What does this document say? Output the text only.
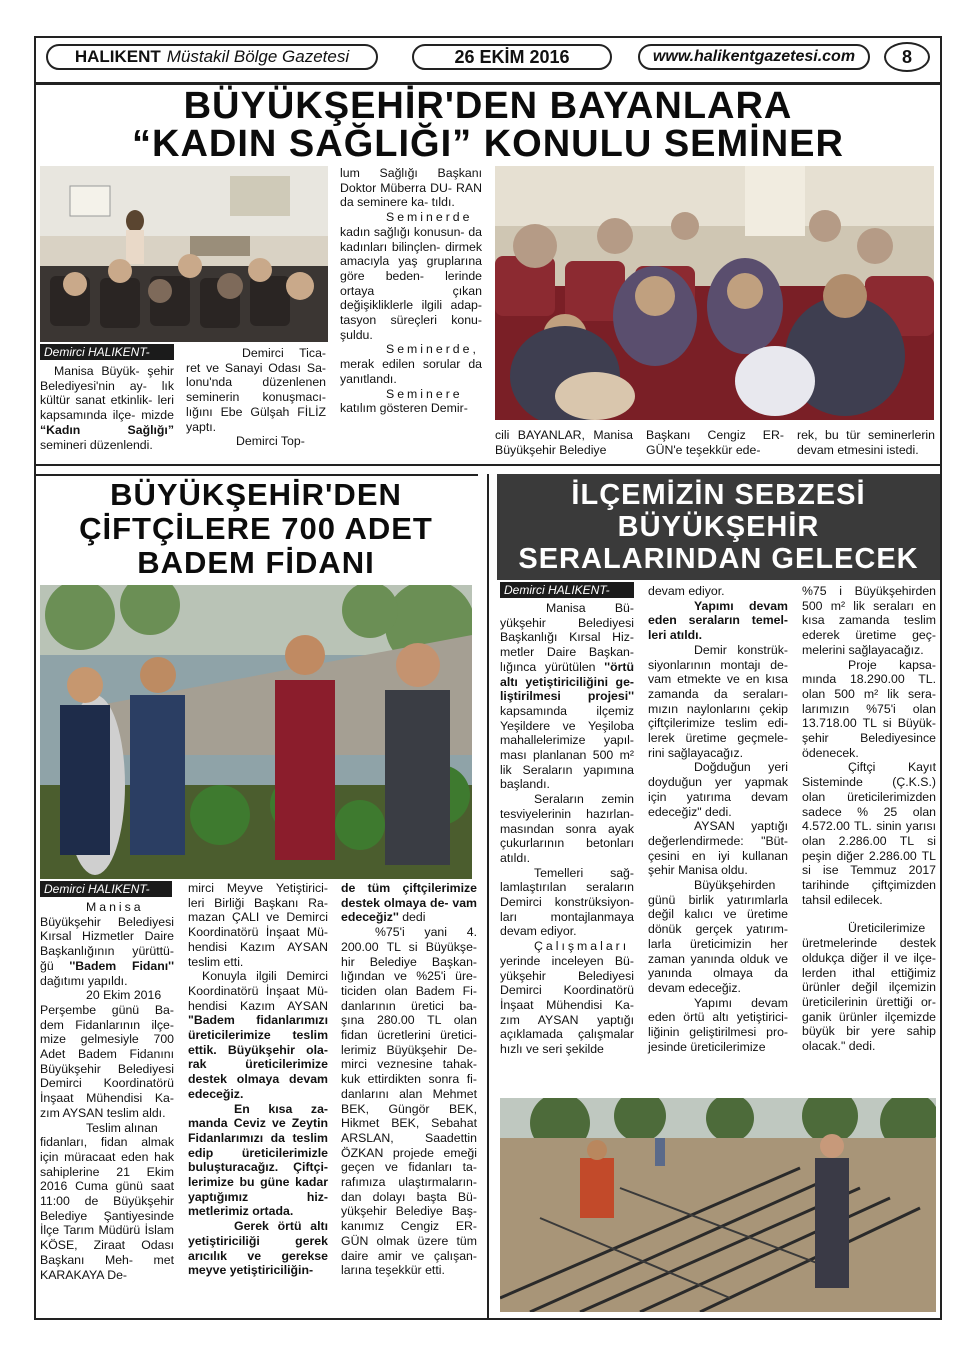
HALIKENT Müstakil Bölge Gazetesi	26 EKİM 2016	www.halikentgazetesi.com	8
BÜYÜKŞEHİR'DEN BAYANLARA
“KADIN SAĞLIĞI” KONULU SEMİNER
Demirci HALIKENT-

Manisa Büyük- şehir Belediyesi'nin ay- lık kültür sanat etkinlik- leri kapsamında ilçe- mizde “Kadın Sağlığı” semineri düzenlendi.

Demirci Tica- ret ve Sanayi Odası Sa- lonu'nda düzenlenen seminerin konuşmacı- lığını Ebe Gülşah FİLİZ yaptı.

Demirci Top-

lum Sağlığı Başkanı Doktor Müberra DU- RAN da seminere ka- tıldı.

Seminerde

kadın sağlığı konusun- da kadınları bilinçlen- dirmek amacıyla yaş gruplarına göre beden- lerinde ortaya çıkan değişikliklerle ilgili adap- tasyon süreçleri konu- şuldu.

Seminerde,

merak edilen sorular da yanıtlandı.

Seminere

katılım gösteren Demir-

cili BAYANLAR, Manisa Büyükşehir Belediye

Başkanı Cengiz ER- GÜN'e teşekkür ede-

rek, bu tür seminerlerin devam etmesini istedi.

BÜYÜKŞEHİR'DEN
ÇİFTÇİLERE 700 ADET
BADEM FİDANI
Demirci HALIKENT-

Manisa

Büyükşehir Belediyesi Kırsal Hizmetler Daire Başkanlığının yürüttü- ğü ''Badem Fidanı'' dağıtımı yapıldı.

20 Ekim 2016

Perşembe günü Ba- dem Fidanlarının ilçe- mize gelmesiyle 700 Adet Badem Fidanını Büyükşehir Belediyesi Demirci Koordinatörü İnşaat Mühendisi Ka- zım AYSAN teslim aldı.

Teslim alınan

fidanları, fidan almak için müracaat eden hak sahiplerine 21 Ekim 2016 Cuma günü saat 11:00 de Büyükşehir Belediye Şantiyesinde İlçe Tarım Müdürü İslam KÖSE, Ziraat Odası Başkanı Meh- met KARAKAYA De-

mirci Meyve Yetiştirici- leri Birliği Başkanı Ra- mazan ÇALI ve Demirci Koordinatörü İnşaat Mü- hendisi Kazım AYSAN teslim etti.

Konuyla ilgili Demirci Koordinatörü İnşaat Mü- hendisi Kazım AYSAN "Badem fidanlarımızı üreticilerimize teslim ettik. Büyükşehir ola- rak üreticilerimize destek olmaya devam edeceğiz.

En kısa za- manda Ceviz ve Zeytin Fidanlarımızı da teslim edip üreticilerimizle buluşturacağız. Çiftçi- lerimize bu güne kadar yaptığımız hiz- metlerimiz ortada.

Gerek örtü altı yetiştiriciliği gerek arıcılık ve gerekse meyve yetiştiriciliğin-

de tüm çiftçilerimize destek olmaya de- vam edeceğiz'' dedi

%75'i yani 4. 200.00 TL si Büyükşe- hir Belediye Başkan- lığından ve %25'i üre- ticiden olan Badem Fi- danlarının üretici ba- şına 280.00 TL olan fidan ücretlerini üretici- lerimiz Büyükşehir De- mirci veznesine tahak- kuk ettirdikten sonra fi- danlarını alan Mehmet BEK, Güngör BEK, Hikmet BEK, Sebahat ARSLAN, Saadettin ÖZKAN projede emeği geçen ve fidanları ta- rafımıza ulaştırmaların- dan dolayı başta Bü- yükşehir Belediye Baş- kanımız Cengiz ER- GÜN olmak üzere tüm daire amir ve çalışan- larına teşekkür etti.

İLÇEMİZİN SEBZESİ
BÜYÜKŞEHİR
SERALARINDAN GELECEK
Demirci HALIKENT-

Manisa Bü- yükşehir Belediyesi Başkanlığı Kırsal Hiz- metler Daire Başkan- lığınca yürütülen ''örtü altı yetiştiriciliğini ge- liştirilmesi projesi'' kapsamında ilçemiz Yeşildere ve Yeşiloba mahallelerimize yapıl- ması planlanan 500 m² lik Seraların yapımına başlandı.

Seraların zemin tesviyelerinin hazırlan- masından sonra ayak çukurlarının betonları atıldı.

Temelleri sağ- lamlaştırılan seraların Demirci konstrüksiyon- ları montajlanmaya devam ediyor.

Çalışmaları

yerinde inceleyen Bü- yükşehir Belediyesi Demirci Koordinatörü İnşaat Mühendisi Ka- zım AYSAN yaptığı açıklamada çalışmalar hızlı ve seri şekilde

devam ediyor.

Yapımı devam eden seraların temel- leri atıldı.

Demir konstrük- siyonlarının montajı de- vam etmekte ve en kısa zamanda da seraları- mızın naylonlarını çekip çiftçilerimize teslim edi- lerek üretime geçmele- rini sağlayacağız.

Doğduğun yeri doyduğun yer yapmak için yatırıma devam edeceğiz" dedi.

AYSAN yaptığı değerlendirmede: "Büt- çesini en iyi kullanan şehir Manisa oldu.

Büyükşehirden günü birlik yatırımlarla değil kalıcı ve üretime dönük gerçek yatırım- larla üreticimizin her zaman yanında olduk ve yanında olmaya da devam edeceğiz.

Yapımı devam eden örtü altı yetiştirici- liğinin geliştirilmesi pro- jesinde üreticilerimize

%75 i Büyükşehirden 500 m² lik seraları en kısa zamanda teslim ederek üretime geç- melerini sağlayacağız.

Proje kapsa- mında 18.290.00 TL. olan 500 m² lik sera- larımızın %75'i olan 13.718.00 TL si Büyük- şehir Belediyesince ödenecek.

Çiftçi Kayıt Sisteminde (Ç.K.S.) olan üreticilerimizden sadece % 25 olan 4.572.00 TL. sinin yarısı olan 2.286.00 TL si peşin diğer 2.286.00 TL si ise Temmuz 2017 tarihinde çiftçimizden tahsil edilecek.

Üreticilerimize üretmelerinde destek oldukça diğer il ve ilçe- lerden ithal ettiğimiz ürünler değil ilçemizin üreticilerinin ürettiği or- ganik ürünler ilçemizde büyük bir yere sahip olacak." dedi.
